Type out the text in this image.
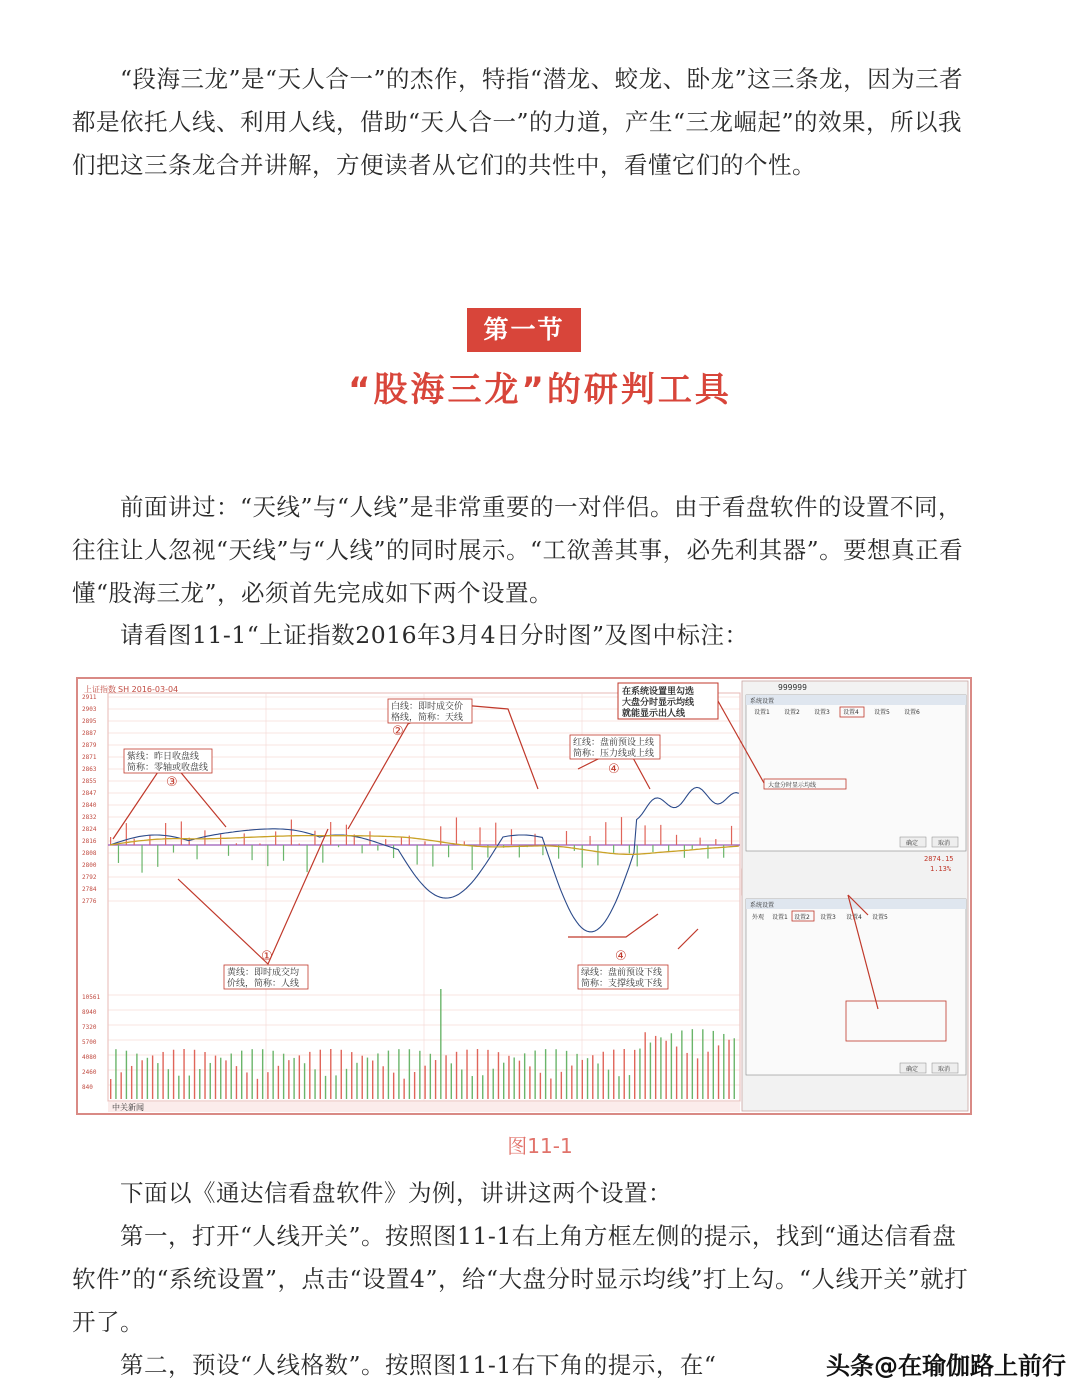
“段海三龙”是“天人合一”的杰作，特指“潜龙、蛟龙、卧龙”这三条龙，因为三者都是依托人线、利用人线，借助“天人合一”的力道，产生“三龙崛起”的效果，所以我们把这三条龙合并讲解，方便读者从它们的共性中，看懂它们的个性。

第一节
“股海三龙”的研判工具

前面讲过：“天线”与“人线”是非常重要的一对伴侣。由于看盘软件的设置不同，往往让人忽视“天线”与“人线”的同时展示。“工欲善其事，必先利其器”。要想真正看懂“股海三龙”，必须首先完成如下两个设置。

请看图11-1“上证指数2016年3月4日分时图”及图中标注：

上证指数 SH 2016-03-04
2911
2903
2895
2887
2879
2871
2863
2855
2847
2840
2832
2824
2816
2808
2800
2792
2784
2776
10561
8940
7320
5700
4080
2460
840
中关新闻
黄线：即时成交均
价线，简称：人线
①
白线：即时成交价
格线，简称：天线
②
紫线：昨日收盘线
简称：零轴或收盘线
③
红线：盘前预设上线
简称：压力线或上线
④
绿线：盘前预设下线
简称：支撑线或下线
④
在系统设置里勾选
大盘分时显示均线
就能显示出人线
999999
系统设置
设置1 设置2 设置3 设置4	设置5 设置6
大盘分时显示均线
确定	取消
2874.15
1.13%
系统设置
外观 设置1 设置2 设置3 设置4 设置5
确定	取消
图11-1

下面以《通达信看盘软件》为例，讲讲这两个设置：

第一，打开“人线开关”。按照图11-1右上角方框左侧的提示，找到“通达信看盘软件”的“系统设置”，点击“设置4”，给“大盘分时显示均线”打上勾。“人线开关”就打开了。

第二，预设“人线格数”。按照图11-1右下角的提示，在“	头条@在瑜伽路上前行
